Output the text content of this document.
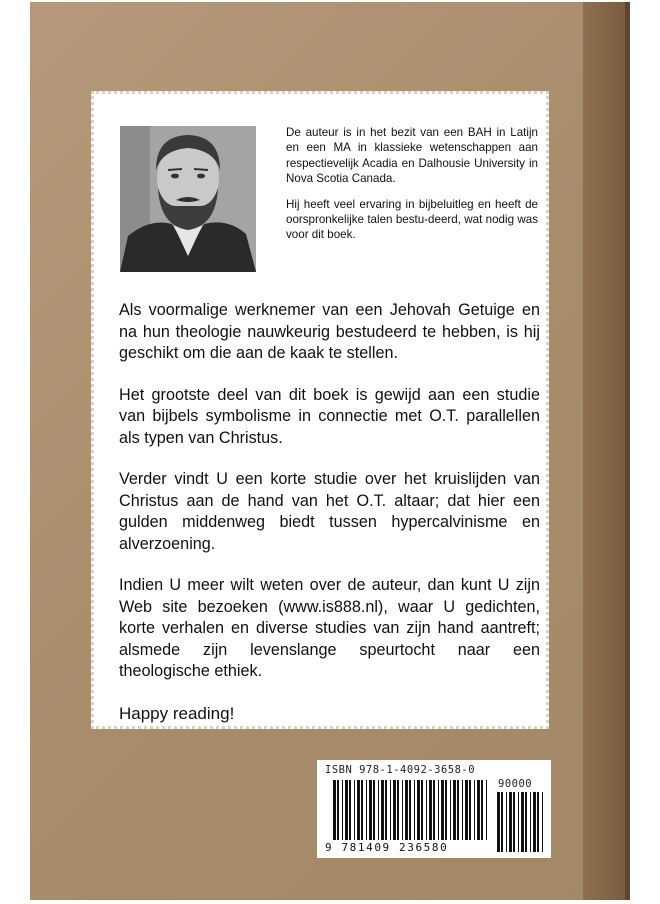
De auteur is in het bezit van een BAH in Latijn en een MA in klassieke wetenschappen aan respectievelijk Acadia en Dalhousie University in Nova Scotia Canada.

Hij heeft veel ervaring in bijbeluitleg en heeft de oorspronkelijke talen bestu-deerd, wat nodig was voor dit boek.

Als voormalige werknemer van een Jehovah Getuige en na hun theologie nauwkeurig bestudeerd te hebben, is hij geschikt om die aan de kaak te stellen.

Het grootste deel van dit boek is gewijd aan een studie van bijbels symbolisme in connectie met O.T. parallellen als typen van Christus.

Verder vindt U een korte studie over het kruislijden van Christus aan de hand van het O.T. altaar; dat hier een gulden middenweg biedt tussen hypercalvinisme en alverzoening.

Indien U meer wilt weten over de auteur, dan kunt U zijn Web site bezoeken (www.is888.nl), waar U gedichten, korte verhalen en diverse studies van zijn hand aantreft; alsmede zijn levenslange speurtocht naar een theologische ethiek.

Happy reading!

ISBN 978-1-4092-3658-0
90000
9 781409 236580
